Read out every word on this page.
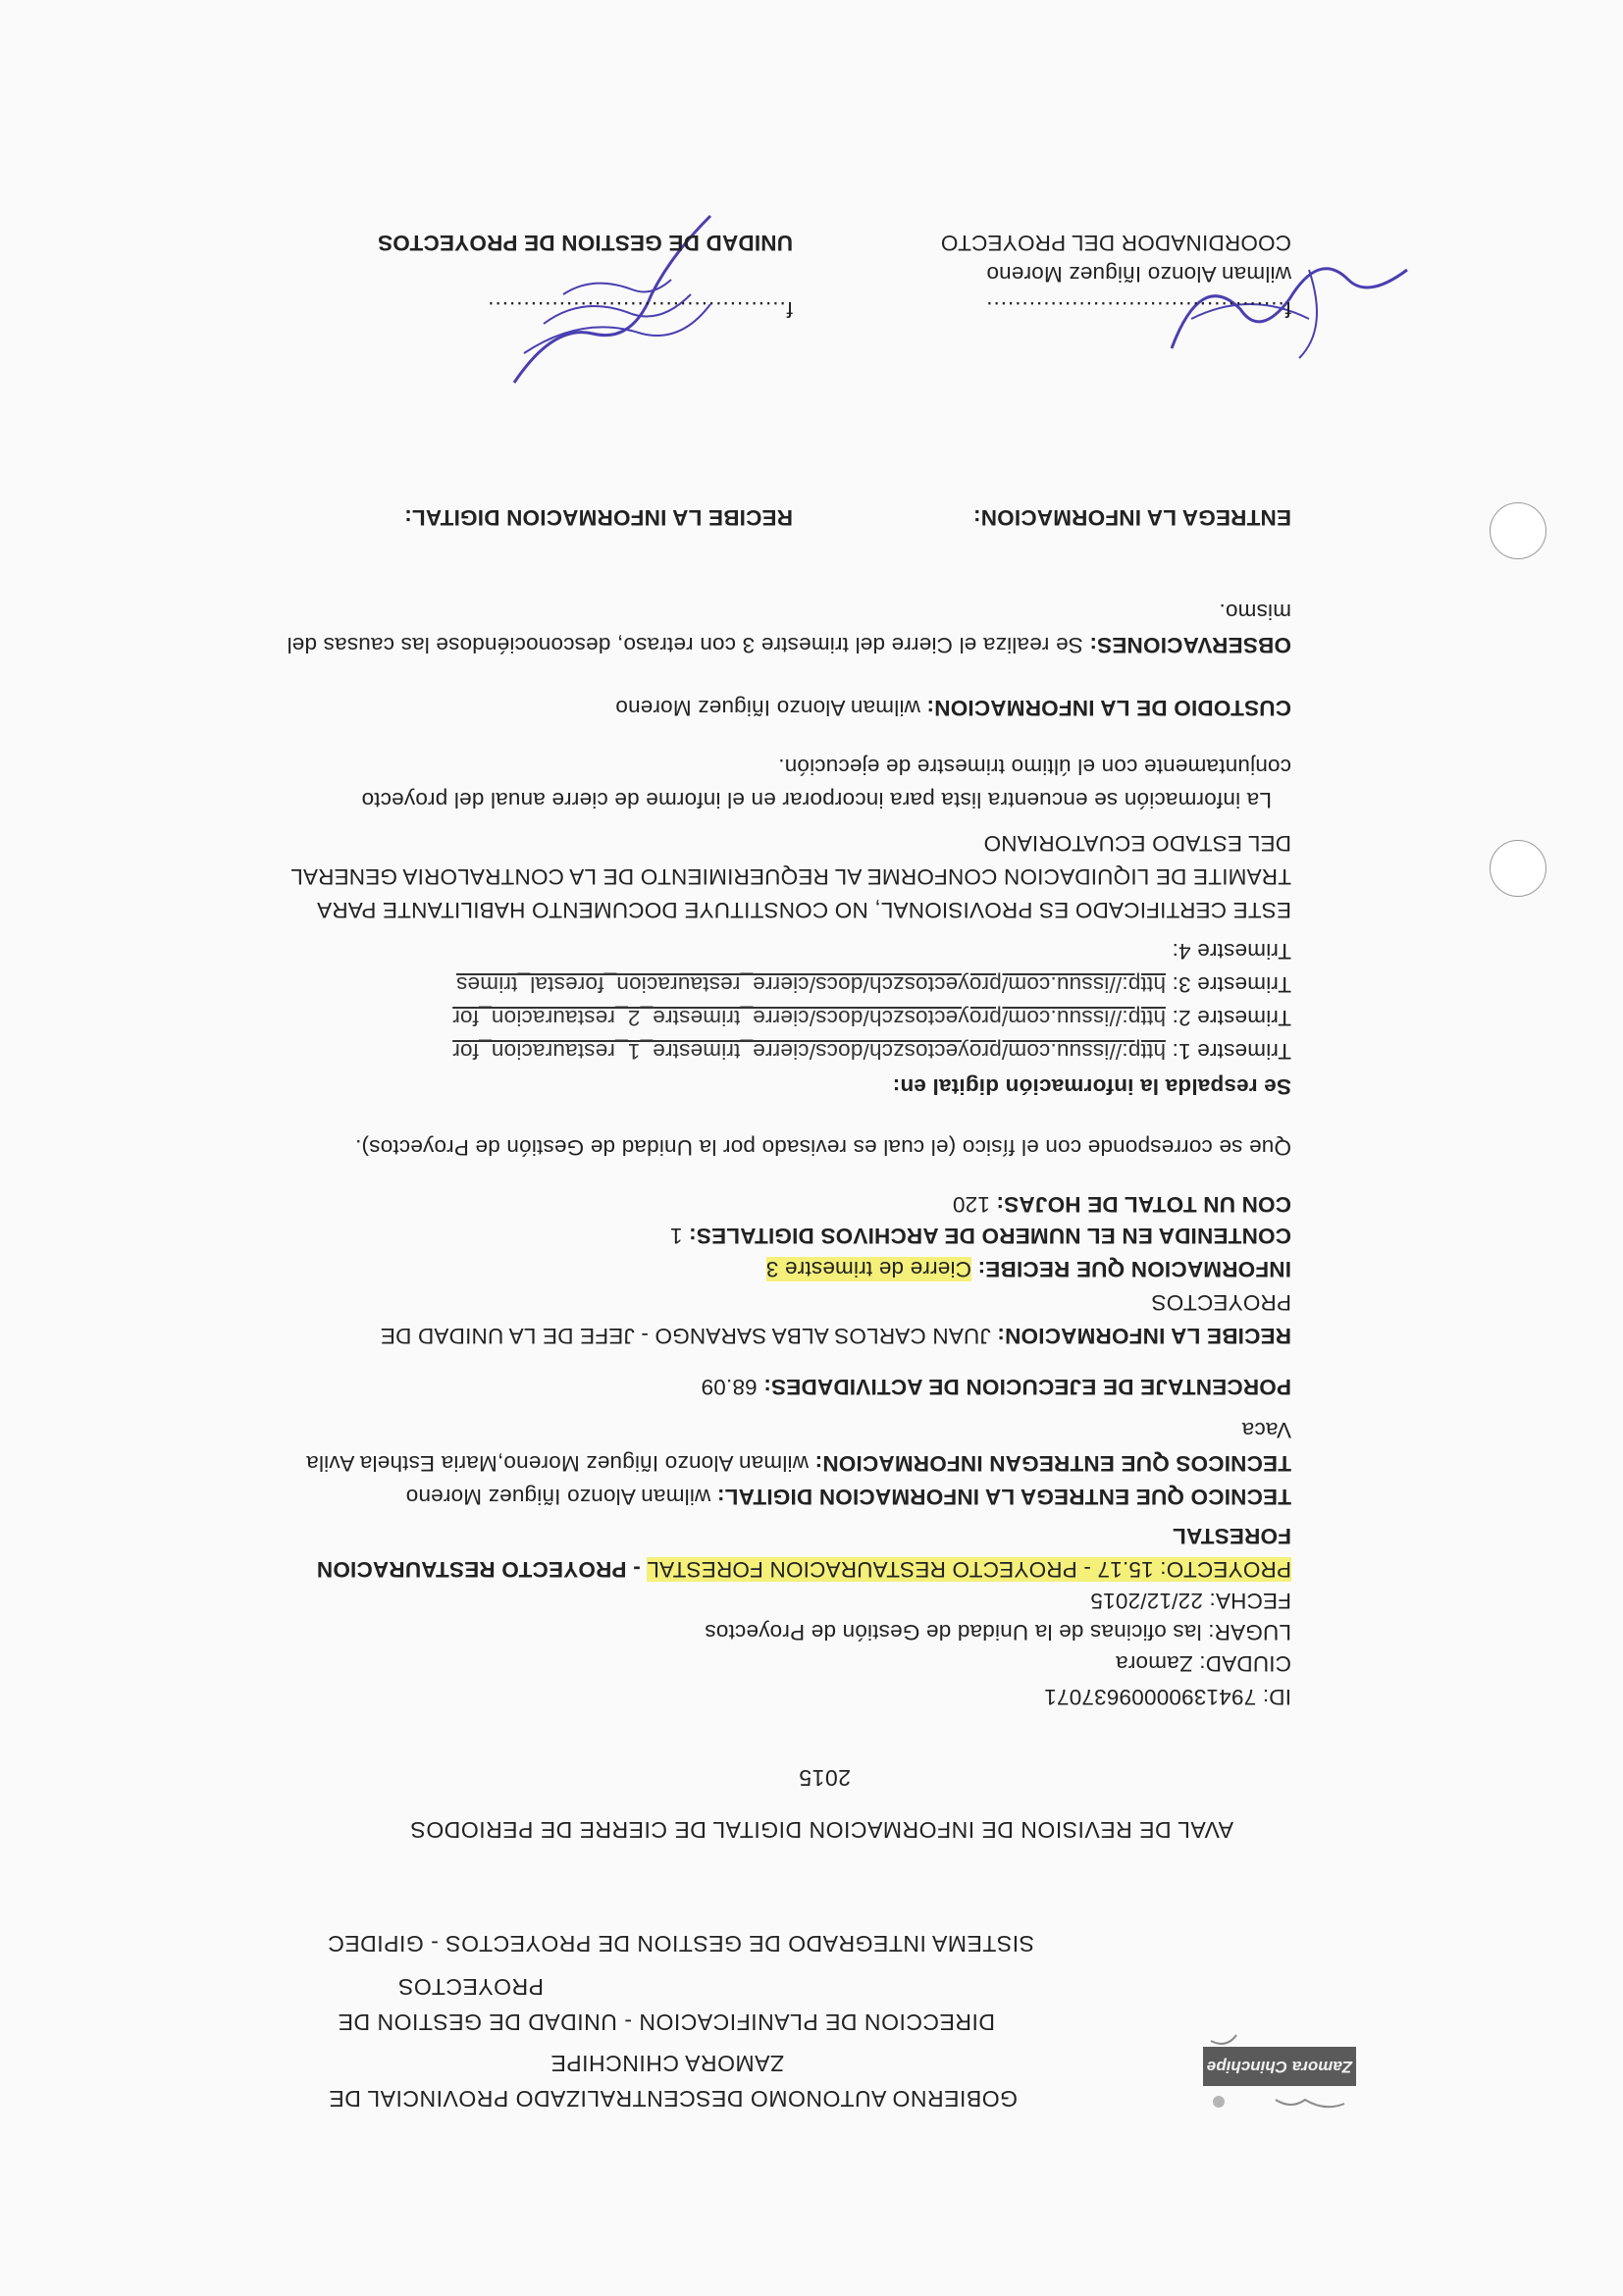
Zamora Chinchipe
GOBIERNO AUTONOMO DESCENTRALIZADO PROVINCIAL DE
ZAMORA CHINCHIPE
DIRECCION DE PLANIFICACION - UNIDAD DE GESTION DE
PROYECTOS
SISTEMA INTEGRADO DE GESTION DE PROYECTOS - GIPIDEC
AVAL DE REVISION DE INFORMACION DIGITAL DE CIERRE DE PERIODOS
2015
ID: 79413900009637071
CIUDAD: Zamora
LUGAR: las oficinas de la Unidad de Gestión de Proyectos
FECHA: 22/12/2015
PROYECTO: 15.17 - PROYECTO RESTAURACION FORESTAL - PROYECTO RESTAURACION
FORESTAL
TECNICO QUE ENTREGA LA INFORMACION DIGITAL: wilman Alonzo Iñiguez Moreno
TECNICOS QUE ENTREGAN INFORMACION: wilman Alonzo Iñiguez Moreno,Maria Esthela Avila
Vaca
PORCENTAJE DE EJECUCION DE ACTIVIDADES: 68.09
RECIBE LA INFORMACION: JUAN CARLOS ALBA SARANGO - JEFE DE LA UNIDAD DE
PROYECTOS
INFORMACION QUE RECIBE: Cierre de trimestre 3
CONTENIDA EN EL NUMERO DE ARCHIVOS DIGITALES: 1
CON UN TOTAL DE HOJAS: 120
Que se corresponde con el físico (el cual es revisado por la Unidad de Gestión de Proyectos).
Se respalda la información digital en:
Trimestre 1: http://issuu.com/proyectoszch/docs/cierre_trimestre_1_restauracion_for
Trimestre 2: http://issuu.com/proyectoszch/docs/cierre_trimestre_2_restauracion_for
Trimestre 3: http://issuu.com/proyectoszch/docs/cierre_restauracion_forestal_trimes
Trimestre 4:
ESTE CERTIFICADO ES PROVISIONAL, NO CONSTITUYE DOCUMENTO HABILITANTE PARA
TRAMITE DE LIQUIDACION CONFORME AL REQUERIMIENTO DE LA CONTRALORIA GENERAL
DEL ESTADO ECUATORIANO
La información se encuentra lista para incorporar en el informe de cierre anual del proyecto
conjuntamente con el último trimestre de ejecución.
CUSTODIO DE LA INFORMACION: wilman Alonzo Iñiguez Moreno
OBSERVACIONES: Se realiza el Cierre del trimestre 3 con retraso, desconociéndose las causas del
mismo.
ENTREGA LA INFORMACION:
RECIBE LA INFORMACION DIGITAL:
f..........................................
f..........................................
wilman Alonzo Iñiguez Moreno
COORDINADOR DEL PROYECTO
UNIDAD DE GESTION DE PROYECTOS
